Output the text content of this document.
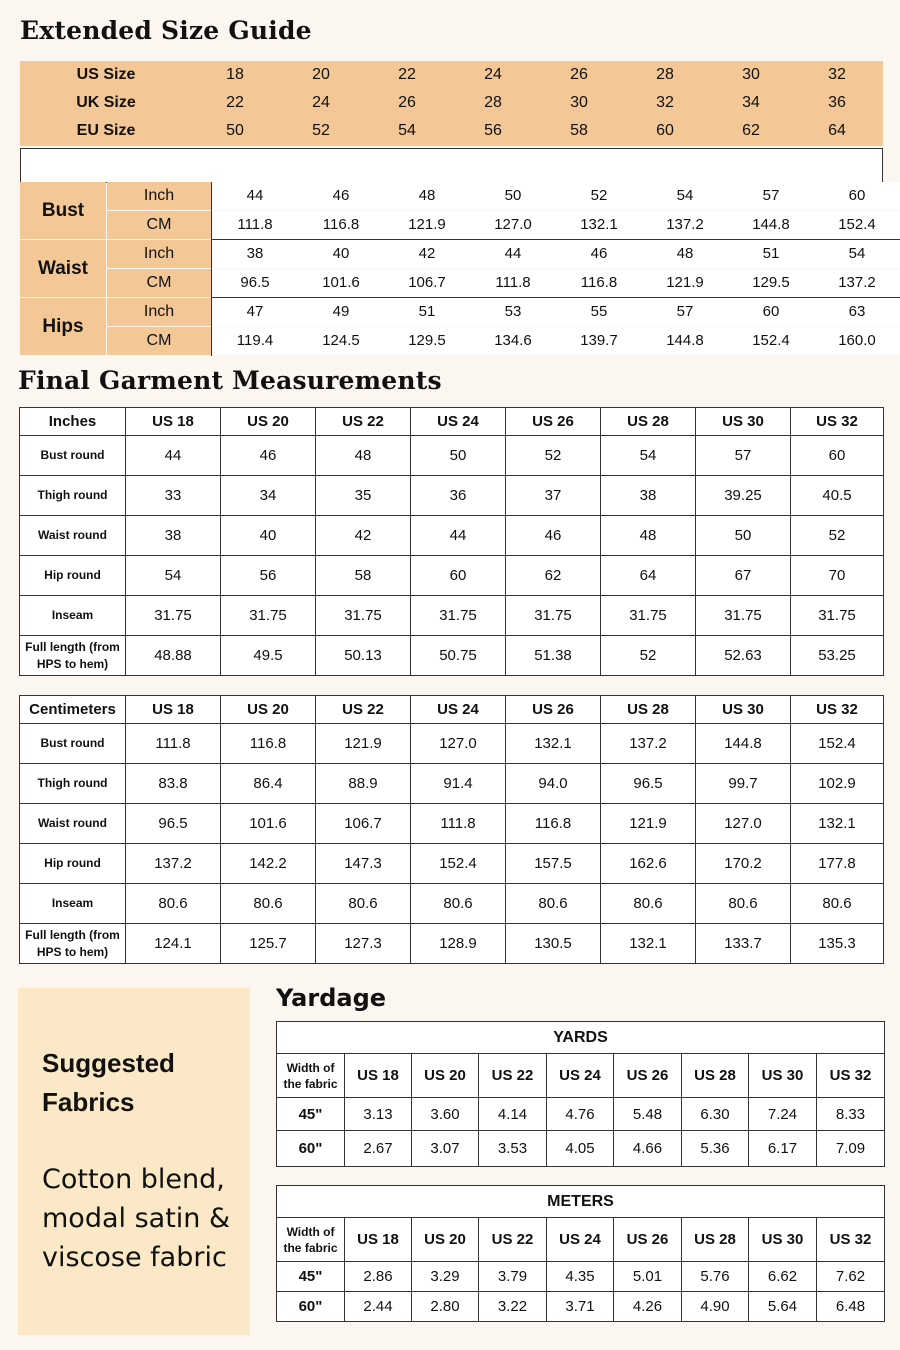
Extended Size Guide
US Size	18	20	22	24	26	28	30	32
UK Size	22	24	26	28	30	32	34	36
EU Size	50	52	54	56	58	60	62	64
Bust
Inch	44	46	48	50	52	54	57	60
CM	111.8	116.8	121.9	127.0	132.1	137.2	144.8	152.4
Waist
Inch	38	40	42	44	46	48	51	54
CM	96.5	101.6	106.7	111.8	116.8	121.9	129.5	137.2
Hips
Inch	47	49	51	53	55	57	60	63
CM	119.4	124.5	129.5	134.6	139.7	144.8	152.4	160.0
Final Garment Measurements
Inches	US 18	US 20	US 22	US 24	US 26	US 28	US 30	US 32
Bust round	44	46	48	50	52	54	57	60
Thigh round	33	34	35	36	37	38	39.25	40.5
Waist round	38	40	42	44	46	48	50	52
Hip round	54	56	58	60	62	64	67	70
Inseam	31.75	31.75	31.75	31.75	31.75	31.75	31.75	31.75
Full length (from HPS to hem)	48.88	49.5	50.13	50.75	51.38	52	52.63	53.25
Centimeters	US 18	US 20	US 22	US 24	US 26	US 28	US 30	US 32
Bust round	111.8	116.8	121.9	127.0	132.1	137.2	144.8	152.4
Thigh round	83.8	86.4	88.9	91.4	94.0	96.5	99.7	102.9
Waist round	96.5	101.6	106.7	111.8	116.8	121.9	127.0	132.1
Hip round	137.2	142.2	147.3	152.4	157.5	162.6	170.2	177.8
Inseam	80.6	80.6	80.6	80.6	80.6	80.6	80.6	80.6
Full length (from HPS to hem)	124.1	125.7	127.3	128.9	130.5	132.1	133.7	135.3
Suggested Fabrics
Cotton blend, modal satin & viscose fabric
Yardage
YARDS								
Width of the fabric	US 18	US 20	US 22	US 24	US 26	US 28	US 30	US 32
45"	3.13	3.60	4.14	4.76	5.48	6.30	7.24	8.33
60"	2.67	3.07	3.53	4.05	4.66	5.36	6.17	7.09
METERS								
Width of the fabric	US 18	US 20	US 22	US 24	US 26	US 28	US 30	US 32
45"	2.86	3.29	3.79	4.35	5.01	5.76	6.62	7.62
60"	2.44	2.80	3.22	3.71	4.26	4.90	5.64	6.48
